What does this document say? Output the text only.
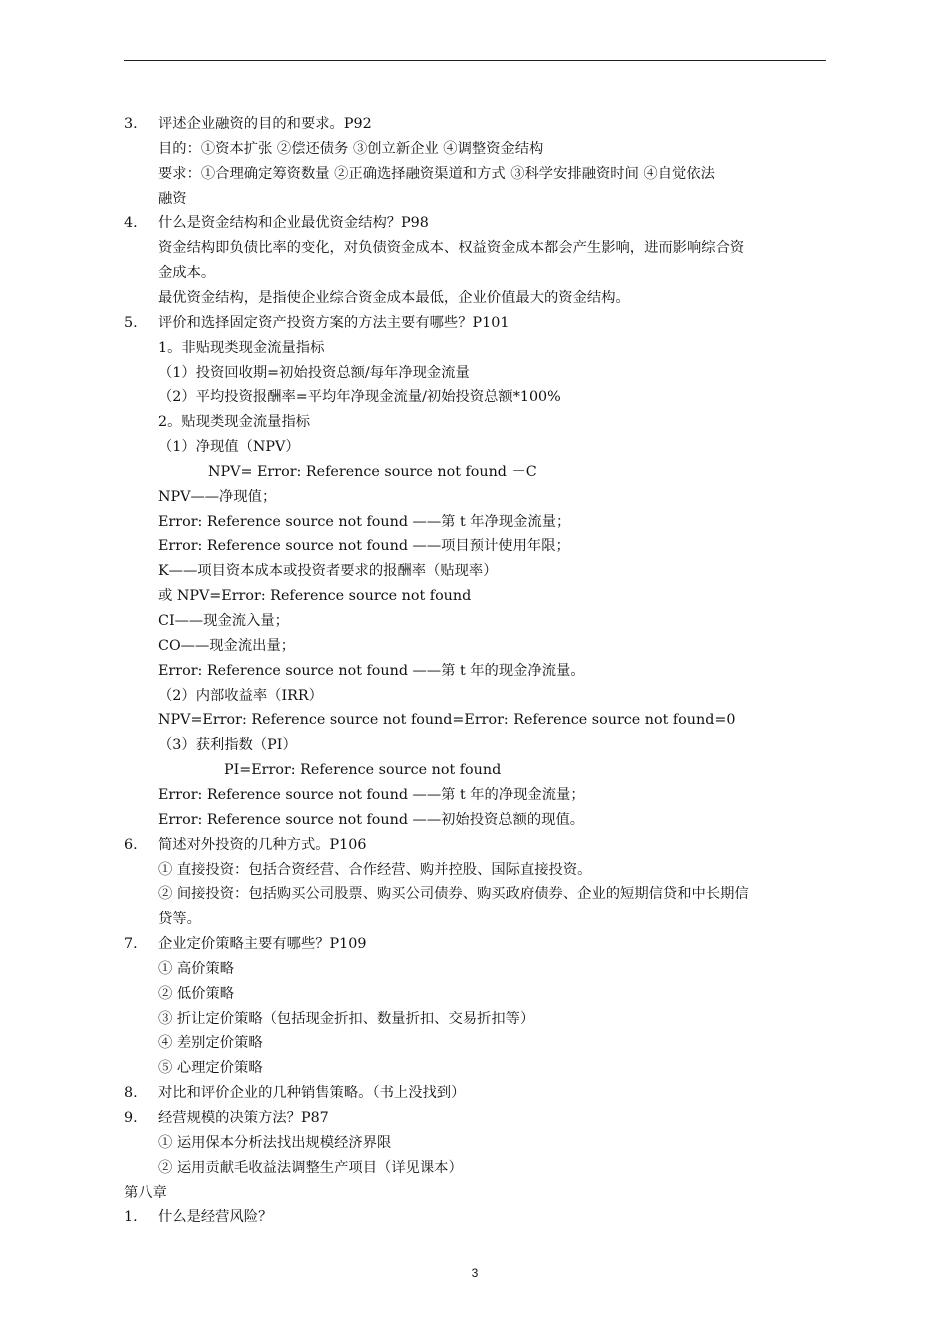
3. 评述企业融资的目的和要求。P92
目的：①资本扩张 ②偿还债务 ③创立新企业 ④调整资金结构
要求：①合理确定筹资数量 ②正确选择融资渠道和方式 ③科学安排融资时间 ④自觉依法
融资
4. 什么是资金结构和企业最优资金结构？P98
资金结构即负债比率的变化，对负债资金成本、权益资金成本都会产生影响，进而影响综合资
金成本。
最优资金结构，是指使企业综合资金成本最低，企业价值最大的资金结构。
5. 评价和选择固定资产投资方案的方法主要有哪些？P101
1。非贴现类现金流量指标
（1）投资回收期=初始投资总额/每年净现金流量
（2）平均投资报酬率=平均年净现金流量/初始投资总额*100%
2。贴现类现金流量指标
（1）净现值（NPV）
NPV= Error: Reference source not found －C
NPV——净现值；
Error: Reference source not found ——第 t 年净现金流量；
Error: Reference source not found ——项目预计使用年限；
K——项目资本成本或投资者要求的报酬率（贴现率）
或 NPV=Error: Reference source not found
CI——现金流入量；
CO——现金流出量；
Error: Reference source not found ——第 t 年的现金净流量。
（2）内部收益率（IRR）
NPV=Error: Reference source not found=Error: Reference source not found=0
（3）获利指数（PI）
PI=Error: Reference source not found
Error: Reference source not found ——第 t 年的净现金流量；
Error: Reference source not found ——初始投资总额的现值。
6. 简述对外投资的几种方式。P106
① 直接投资：包括合资经营、合作经营、购并控股、国际直接投资。
② 间接投资：包括购买公司股票、购买公司债券、购买政府债券、企业的短期信贷和中长期信
贷等。
7. 企业定价策略主要有哪些？P109
① 高价策略
② 低价策略
③ 折让定价策略（包括现金折扣、数量折扣、交易折扣等）
④ 差别定价策略
⑤ 心理定价策略
8. 对比和评价企业的几种销售策略。（书上没找到）
9. 经营规模的决策方法？P87
① 运用保本分析法找出规模经济界限
② 运用贡献毛收益法调整生产项目（详见课本）
第八章
1. 什么是经营风险？
3
